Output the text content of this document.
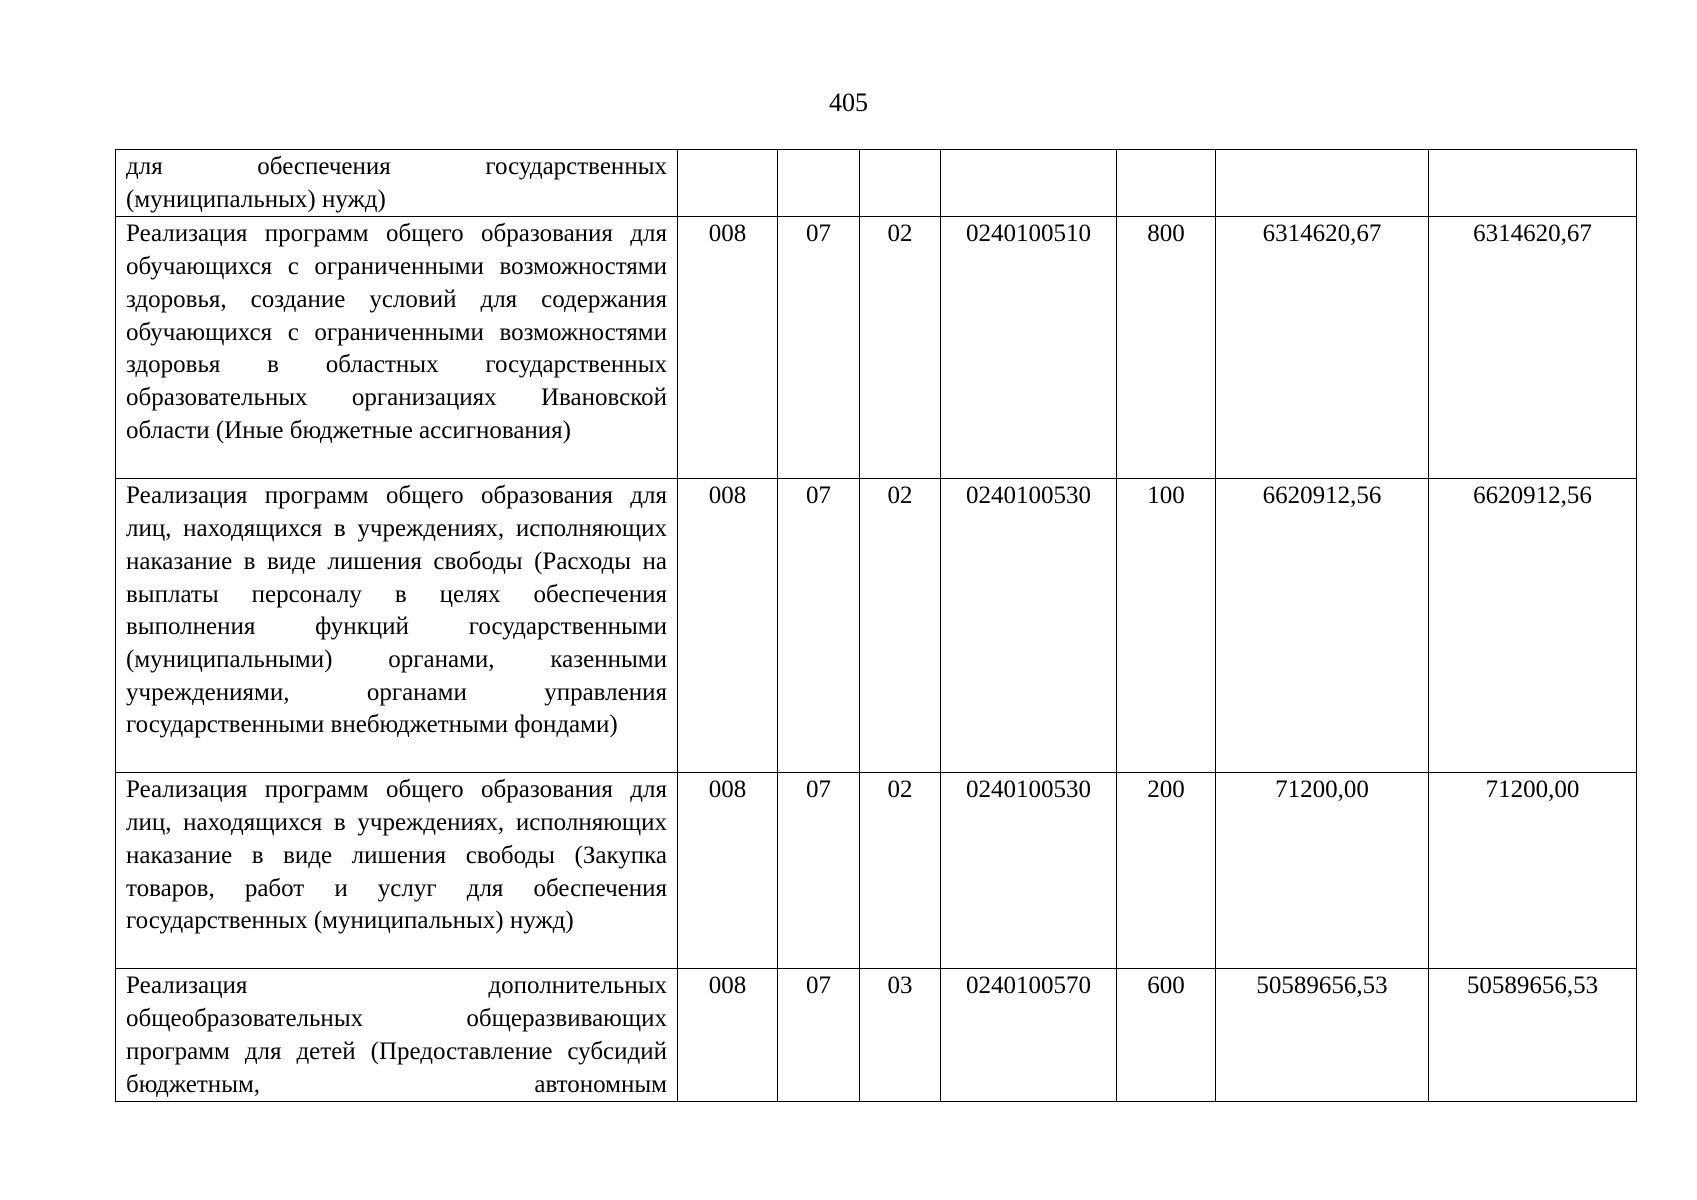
405
для обеспечения государственных (муниципальных) нужд)							
Реализация программ общего образования для обучающихся с ограниченными возможностями здоровья, создание условий для содержания обучающихся с ограниченными возможностями здоровья в областных государственных образовательных организациях Ивановской области (Иные бюджетные ассигнования)	008	07	02	0240100510	800	6314620,67	6314620,67
Реализация программ общего образования для лиц, находящихся в учреждениях, исполняющих наказание в виде лишения свободы (Расходы на выплаты персоналу в целях обеспечения выполнения функций государственными (муниципальными) органами, казенными учреждениями, органами управления государственными внебюджетными фондами)	008	07	02	0240100530	100	6620912,56	6620912,56
Реализация программ общего образования для лиц, находящихся в учреждениях, исполняющих наказание в виде лишения свободы (Закупка товаров, работ и услуг для обеспечения государственных (муниципальных) нужд)	008	07	02	0240100530	200	71200,00	71200,00
Реализация дополнительных общеобразовательных общеразвивающих программ для детей (Предоставление субсидий бюджетным, автономным	008	07	03	0240100570	600	50589656,53	50589656,53
